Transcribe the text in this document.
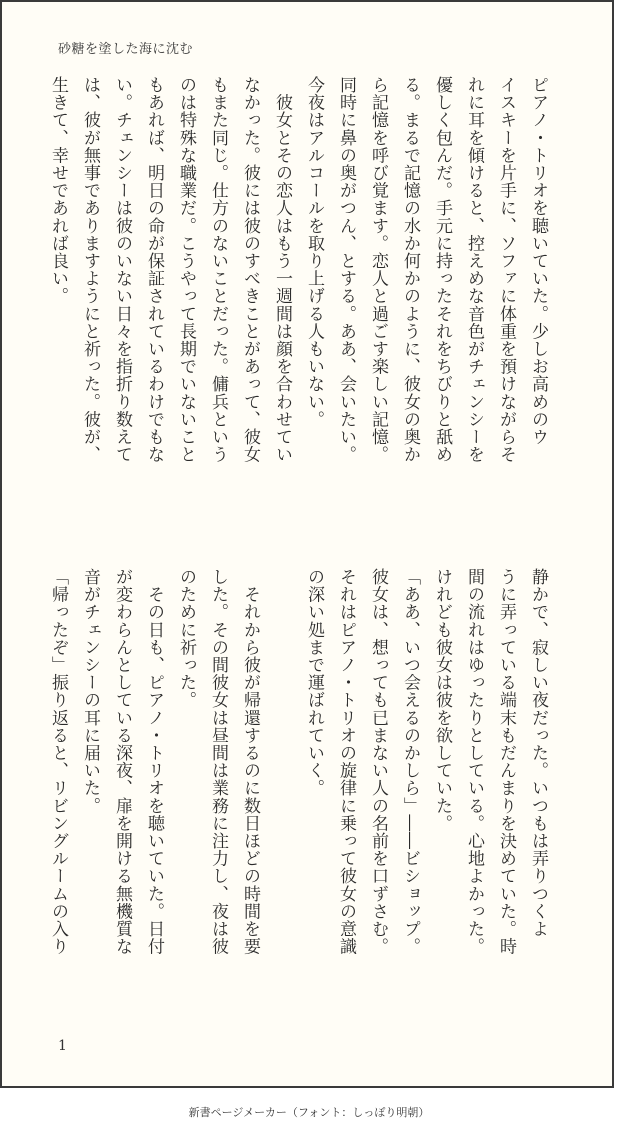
砂糖を塗した海に沈む
ピアノ・トリオを聴いていた。少しお高めのウ
イスキーを片手に、ソファに体重を預けながらそ
れに耳を傾けると、控えめな音色がチェンシーを
優しく包んだ。手元に持ったそれをちびりと舐め
る。まるで記憶の水か何かのように、彼女の奥か
ら記憶を呼び覚ます。恋人と過ごす楽しい記憶。
同時に鼻の奥がつん、とする。ああ、会いたい。
今夜はアルコールを取り上げる人もいない。
　彼女とその恋人はもう一週間は顔を合わせてい
なかった。彼には彼のすべきことがあって、彼女
もまた同じ。仕方のないことだった。傭兵という
のは特殊な職業だ。こうやって長期でいないこと
もあれば、明日の命が保証されているわけでもな
い。チェンシーは彼のいない日々を指折り数えて
は、彼が無事でありますようにと祈った。彼が、
生きて、幸せであれば良い。
静かで、寂しい夜だった。いつもは弄りつくよ
うに弄っている端末もだんまりを決めていた。時
間の流れはゆったりとしている。心地よかった。
けれども彼女は彼を欲していた。
「ああ、いつ会えるのかしら」――ビショップ。
彼女は、想っても已まない人の名前を口ずさむ。
それはピアノ・トリオの旋律に乗って彼女の意識
の深い処まで運ばれていく。

　それから彼が帰還するのに数日ほどの時間を要
した。その間彼女は昼間は業務に注力し、夜は彼
のために祈った。
　その日も、ピアノ・トリオを聴いていた。日付
が変わらんとしている深夜、扉を開ける無機質な
音がチェンシーの耳に届いた。
「帰ったぞ」振り返ると、リビングルームの入り
1
新書ページメーカー（フォント：しっぽり明朝）
